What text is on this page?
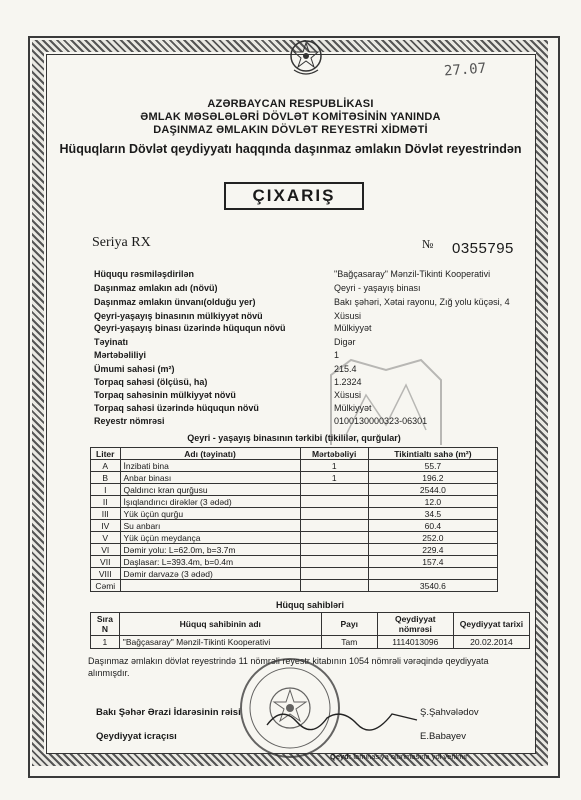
27.07
AZƏRBAYCAN RESPUBLİKASI
ƏMLAK MƏSƏLƏLƏRİ DÖVLƏT KOMİTƏSİNİN YANINDA
DAŞINMAZ ƏMLAKIN DÖVLƏT REYESTRİ XİDMƏTİ
Hüquqların Dövlət qeydiyyatı haqqında daşınmaz əmlakın Dövlət reyestrindən
ÇIXARIŞ
Seriya RX	№ 0355795
Hüququ rəsmiləşdirilən	"Bağçasaray" Mənzil-Tikinti Kooperativi
Daşınmaz əmlakın adı (növü)	Qeyri - yaşayış binası
Daşınmaz əmlakın ünvanı(olduğu yer)	Bakı şəhəri, Xətai rayonu, Zığ yolu küçəsi, 4
Qeyri-yaşayış binasının mülkiyyət növü	Xüsusi
Qeyri-yaşayış binası üzərində hüququn növü	Mülkiyyət
Təyinatı	Digər
Mərtəbəliliyi	1
Ümumi sahəsi (m²)	215.4
Torpaq sahəsi (ölçüsü, ha)	1.2324
Torpaq sahəsinin mülkiyyət növü	Xüsusi
Torpaq sahəsi üzərində hüququn növü	Mülkiyyət
Reyestr nömrəsi	0100130000323-06301
Qeyri - yaşayış binasının tərkibi (tikililər, qurğular)
Liter	Adı (təyinatı)	Mərtəbəliyi	Tikintialtı sahə (m²)
A	İnzibati bina	1	55.7
B	Anbar binası	1	196.2
I	Qaldırıcı kran qurğusu		2544.0
II	İşıqlandırıcı dirəklər (3 ədəd)		12.0
III	Yük üçün qurğu		34.5
IV	Su anbarı		60.4
V	Yük üçün meydança		252.0
VI	Dəmir yolu: L=62.0m, b=3.7m		229.4
VII	Daşlasar: L=393.4m, b=0.4m		157.4
VIII	Dəmir darvazə (3 ədəd)		
Cəmi			3540.6
Hüquq sahibləri
Sıra N	Hüquq sahibinin adı	Payı	Qeydiyyat nömrəsi	Qeydiyyat tarixi
1	"Bağçasaray" Mənzil-Tikinti Kooperativi	Tam	1114013096	20.02.2014
Daşınmaz əmlakın dövlət reyestrində 11 nömrəli reyestr kitabının 1054 nömrəli vərəqində qeydiyyata alınmışdır.
Bakı Şəhər Ərazi İdarəsinin rəisi	Ş.Şahvələdov
Qeydiyyat icraçısı	E.Babayev
Qeyd: laminasiya olunmasına yol verilmir
